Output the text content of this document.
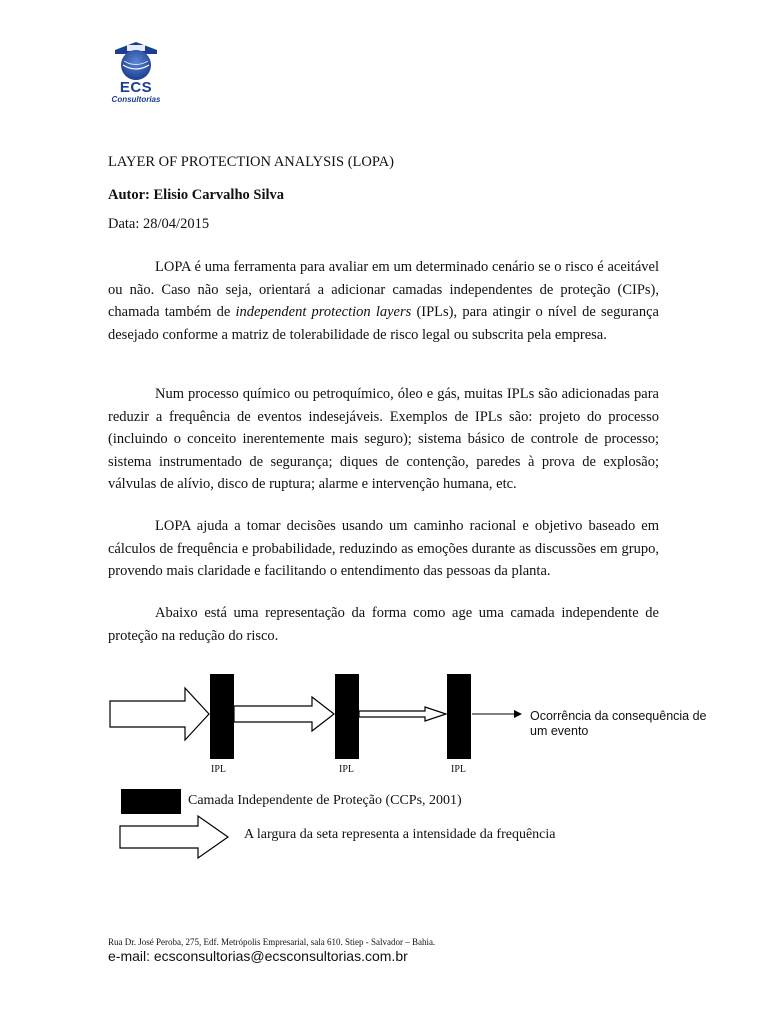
ECS
Consultorias
LAYER OF PROTECTION ANALYSIS (LOPA)
Autor: Elisio Carvalho Silva
Data: 28/04/2015

LOPA é uma ferramenta para avaliar em um determinado cenário se o risco é aceitável ou não. Caso não seja, orientará a adicionar camadas independentes de proteção (CIPs), chamada também de independent protection layers (IPLs), para atingir o nível de segurança desejado conforme a matriz de tolerabilidade de risco legal ou subscrita pela empresa.

Num processo químico ou petroquímico, óleo e gás, muitas IPLs são adicionadas para reduzir a frequência de eventos indesejáveis. Exemplos de IPLs são: projeto do processo (incluindo o conceito inerentemente mais seguro); sistema básico de controle de processo; sistema instrumentado de segurança; diques de contenção, paredes à prova de explosão; válvulas de alívio, disco de ruptura; alarme e intervenção humana, etc.

LOPA ajuda a tomar decisões usando um caminho racional e objetivo baseado em cálculos de frequência e probabilidade, reduzindo as emoções durante as discussões em grupo, provendo mais claridade e facilitando o entendimento das pessoas da planta.

Abaixo está uma representação da forma como age uma camada independente de proteção na redução do risco.

IPL	IPL	IPL
Ocorrência da consequência de um evento
Camada Independente de Proteção (CCPs, 2001)
A largura da seta representa a intensidade da frequência
Rua Dr. José Peroba, 275, Edf. Metrópolis Empresarial, sala 610. Stiep - Salvador – Bahia.
e-mail: ecsconsultorias@ecsconsultorias.com.br
